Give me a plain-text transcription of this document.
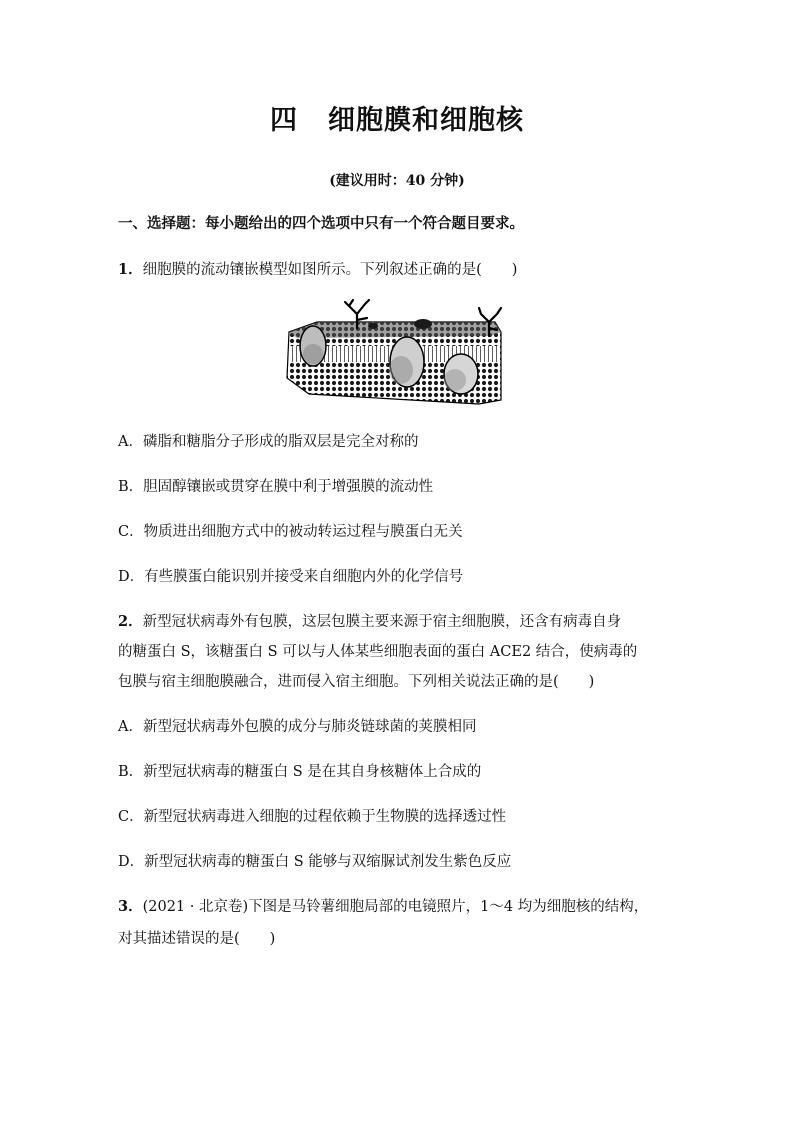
四 细胞膜和细胞核
(建议用时：40 分钟)
一、选择题：每小题给出的四个选项中只有一个符合题目要求。
1．细胞膜的流动镶嵌模型如图所示。下列叙述正确的是( )
A．磷脂和糖脂分子形成的脂双层是完全对称的
B．胆固醇镶嵌或贯穿在膜中利于增强膜的流动性
C．物质进出细胞方式中的被动转运过程与膜蛋白无关
D．有些膜蛋白能识别并接受来自细胞内外的化学信号
2．新型冠状病毒外有包膜，这层包膜主要来源于宿主细胞膜，还含有病毒自身
的糖蛋白 S，该糖蛋白 S 可以与人体某些细胞表面的蛋白 ACE2 结合，使病毒的
包膜与宿主细胞膜融合，进而侵入宿主细胞。下列相关说法正确的是( )
A．新型冠状病毒外包膜的成分与肺炎链球菌的荚膜相同
B．新型冠状病毒的糖蛋白 S 是在其自身核糖体上合成的
C．新型冠状病毒进入细胞的过程依赖于生物膜的选择透过性
D．新型冠状病毒的糖蛋白 S 能够与双缩脲试剂发生紫色反应
3．(2021 · 北京卷)下图是马铃薯细胞局部的电镜照片，1～4 均为细胞核的结构，
对其描述错误的是( )
